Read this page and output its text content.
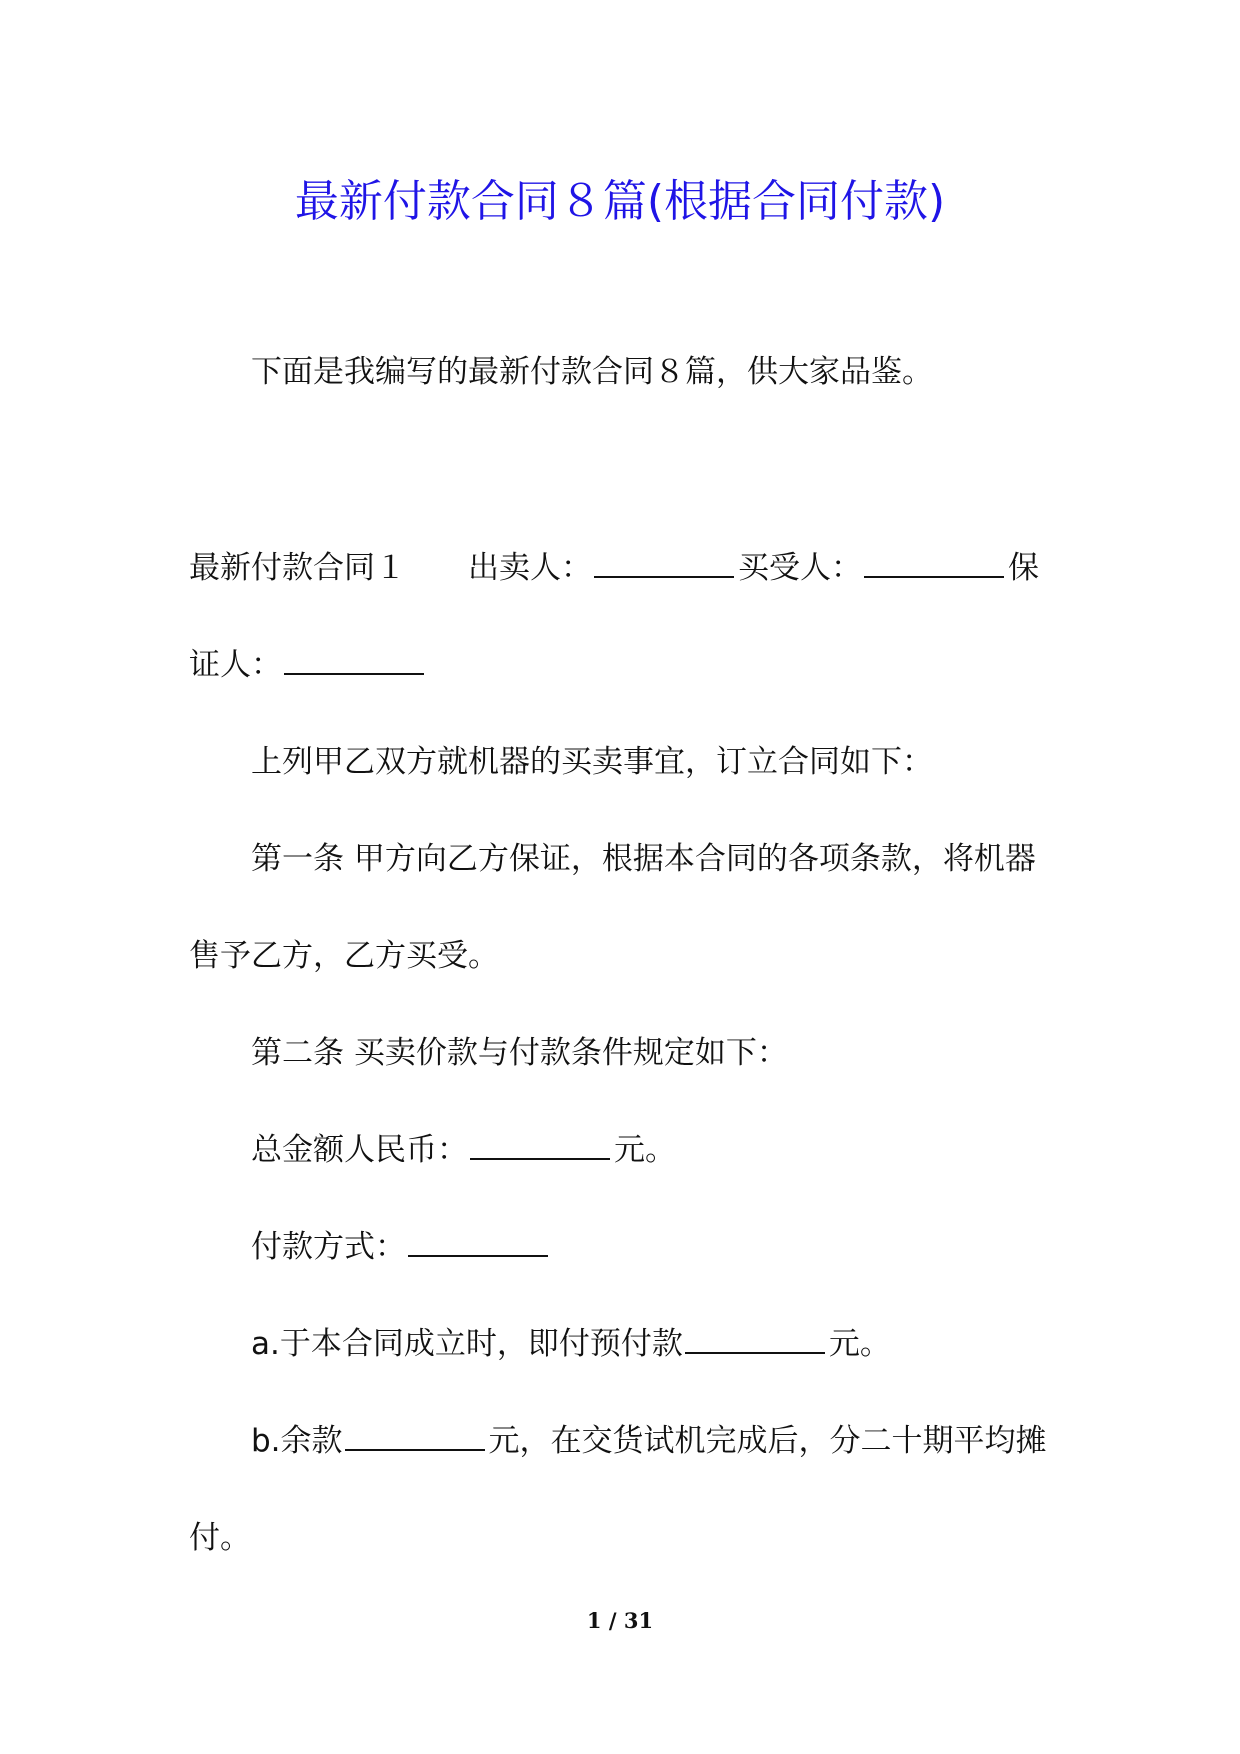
最新付款合同８篇(根据合同付款)
下面是我编写的最新付款合同８篇，供大家品鉴。
最新付款合同１ 出卖人：	买受人：	保
证人：
上列甲乙双方就机器的买卖事宜，订立合同如下：
第一条 甲方向乙方保证，根据本合同的各项条款，将机器
售予乙方，乙方买受。
第二条 买卖价款与付款条件规定如下：
总金额人民币：	元。
付款方式：
a.于本合同成立时，即付预付款	元。
b.余款	元，在交货试机完成后，分二十期平均摊
付。
1 / 31
